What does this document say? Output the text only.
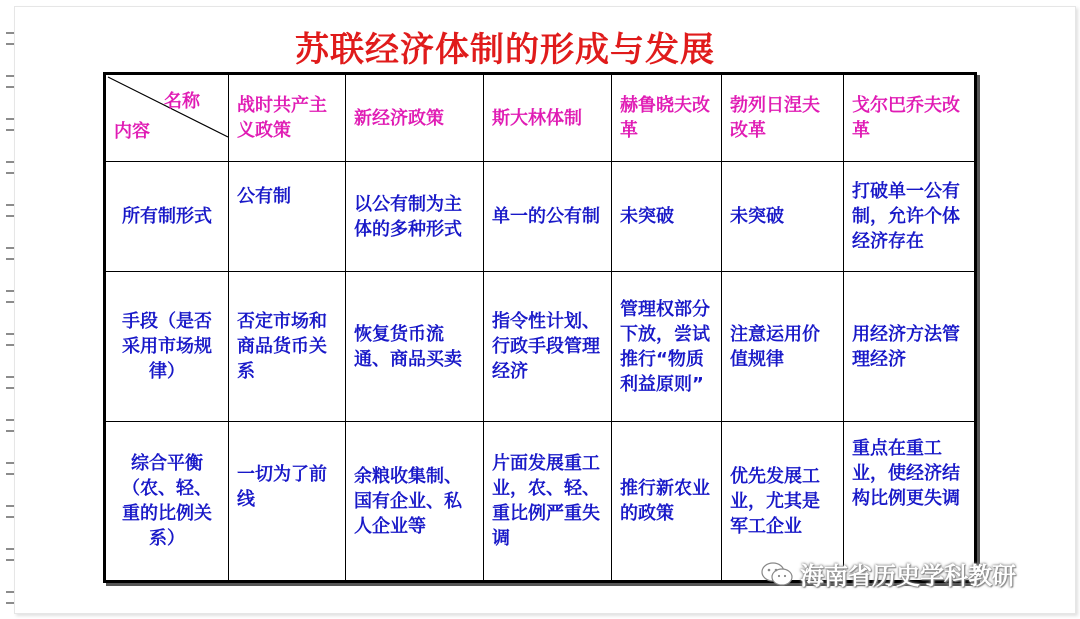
苏联经济体制的形成与发展
名称
内容	战时共产主义政策	新经济政策	斯大林体制	赫鲁晓夫改革	勃列日涅夫改革	戈尔巴乔夫改革
所有制形式	公有制	以公有制为主体的多种形式	单一的公有制	未突破	未突破	打破单一公有制，允许个体经济存在
手段（是否采用市场规律）	否定市场和商品货币关系	恢复货币流通、商品买卖	指令性计划、行政手段管理经济	管理权部分下放，尝试推行“物质利益原则”	注意运用价值规律	用经济方法管理经济
综合平衡（农、轻、重的比例关系）	一切为了前线	余粮收集制、国有企业、私人企业等	片面发展重工业，农、轻、重比例严重失调	推行新农业的政策	优先发展工业，尤其是军工企业	重点在重工业，使经济结构比例更失调
海南省历史学科教研
